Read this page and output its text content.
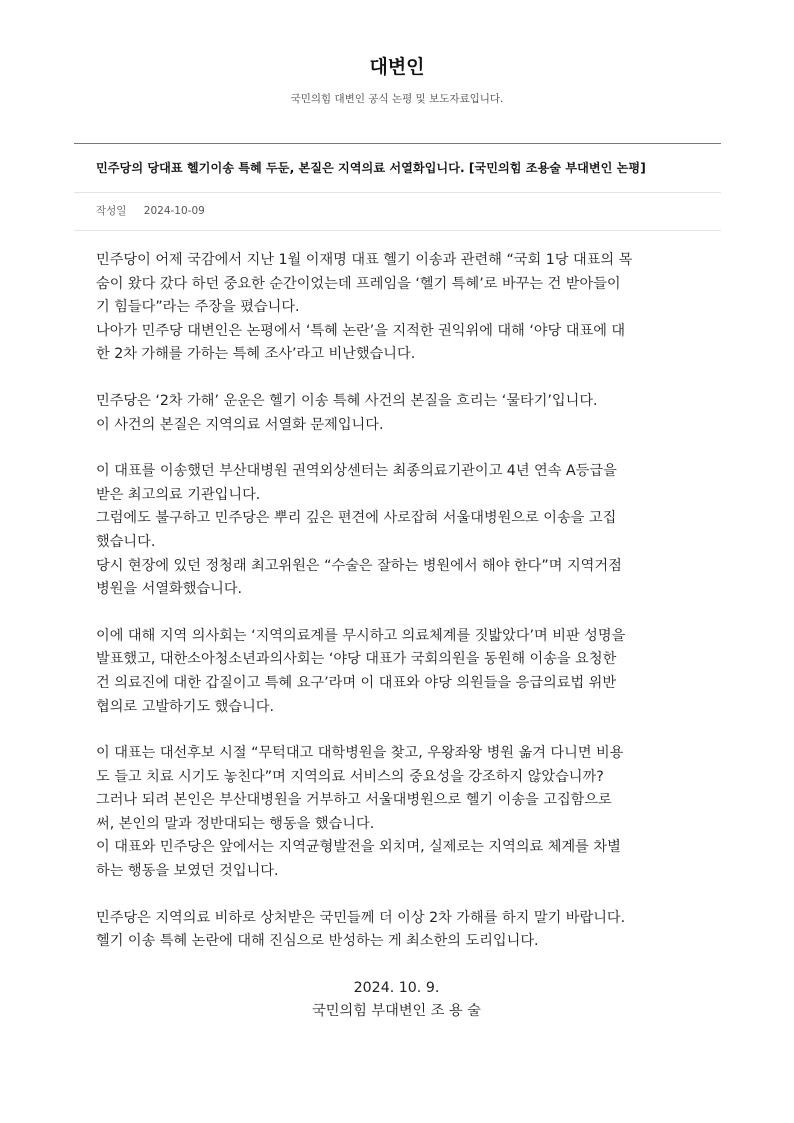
대변인
국민의힘 대변인 공식 논평 및 보도자료입니다.
민주당의 당대표 헬기이송 특혜 두둔, 본질은 지역의료 서열화입니다. [국민의힘 조용술 부대변인 논평]
작성일 2024-10-09

민주당이 어제 국감에서 지난 1월 이재명 대표 헬기 이송과 관련해 “국회 1당 대표의 목
숨이 왔다 갔다 하던 중요한 순간이었는데 프레임을 ‘헬기 특혜’로 바꾸는 건 받아들이
기 힘들다”라는 주장을 폈습니다.
나아가 민주당 대변인은 논평에서 ‘특혜 논란’을 지적한 권익위에 대해 ‘야당 대표에 대
한 2차 가해를 가하는 특혜 조사’라고 비난했습니다.

민주당은 ‘2차 가해’ 운운은 헬기 이송 특혜 사건의 본질을 흐리는 ‘물타기’입니다.
이 사건의 본질은 지역의료 서열화 문제입니다.

이 대표를 이송했던 부산대병원 권역외상센터는 최종의료기관이고 4년 연속 A등급을
받은 최고의료 기관입니다.
그럼에도 불구하고 민주당은 뿌리 깊은 편견에 사로잡혀 서울대병원으로 이송을 고집
했습니다.
당시 현장에 있던 정청래 최고위원은 “수술은 잘하는 병원에서 해야 한다”며 지역거점
병원을 서열화했습니다.

이에 대해 지역 의사회는 ‘지역의료계를 무시하고 의료체계를 짓밟았다’며 비판 성명을
발표했고, 대한소아청소년과의사회는 ‘야당 대표가 국회의원을 동원해 이송을 요청한
건 의료진에 대한 갑질이고 특혜 요구’라며 이 대표와 야당 의원들을 응급의료법 위반
협의로 고발하기도 했습니다.

이 대표는 대선후보 시절 “무턱대고 대학병원을 찾고, 우왕좌왕 병원 옮겨 다니면 비용
도 들고 치료 시기도 놓친다”며 지역의료 서비스의 중요성을 강조하지 않았습니까?
그러나 되려 본인은 부산대병원을 거부하고 서울대병원으로 헬기 이송을 고집함으로
써, 본인의 말과 정반대되는 행동을 했습니다.
이 대표와 민주당은 앞에서는 지역균형발전을 외치며, 실제로는 지역의료 체계를 차별
하는 행동을 보였던 것입니다.

민주당은 지역의료 비하로 상처받은 국민들께 더 이상 2차 가해를 하지 말기 바랍니다.
헬기 이송 특혜 논란에 대해 진심으로 반성하는 게 최소한의 도리입니다.

2024. 10. 9.
국민의힘 부대변인 조 용 술
